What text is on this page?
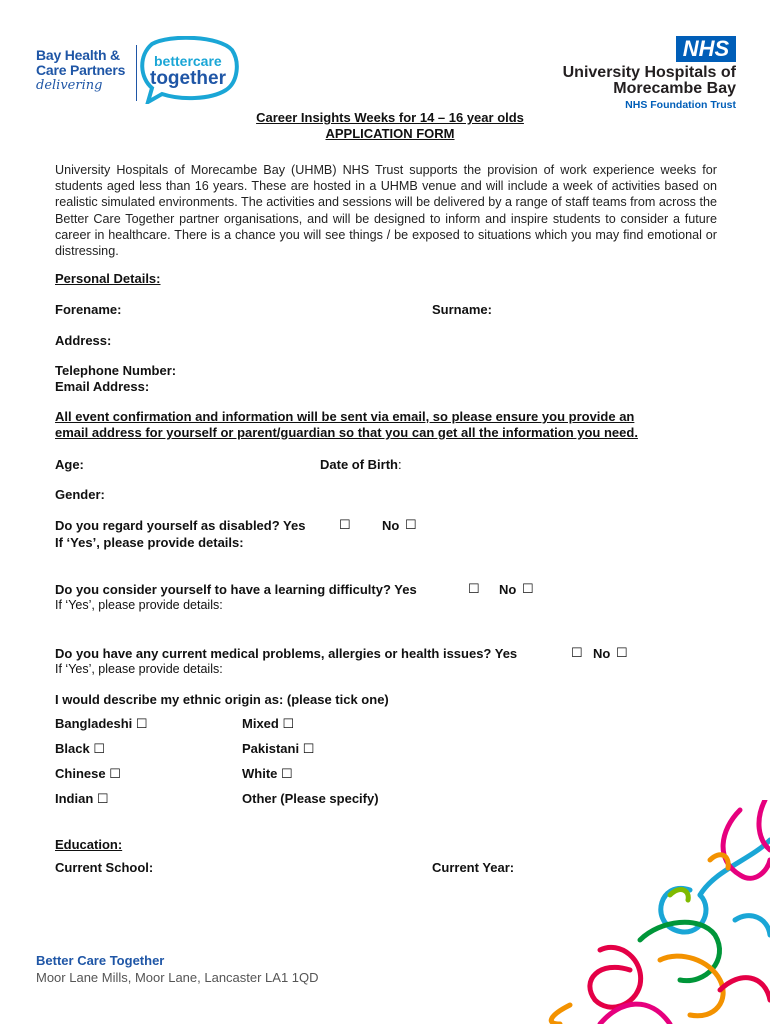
Bay Health &
Care Partners
delivering
bettercare
together
NHS
University Hospitals of
Morecambe Bay
NHS Foundation Trust
Career Insights Weeks for 14 – 16 year olds
APPLICATION FORM
University Hospitals of Morecambe Bay (UHMB) NHS Trust supports the provision of work experience weeks for students aged less than 16 years. These are hosted in a UHMB venue and will include a week of activities based on realistic simulated environments. The activities and sessions will be delivered by a range of staff teams from across the Better Care Together partner organisations, and will be designed to inform and inspire students to consider a future career in healthcare. There is a chance you will see things / be exposed to situations which you may find emotional or distressing.
Personal Details:
Forename:	Surname:
Address:
Telephone Number:
Email Address:
All event confirmation and information will be sent via email, so please ensure you provide an
email address for yourself or parent/guardian so that you can get all the information you need.
Age:	Date of Birth:
Gender:
Do you regard yourself as disabled? Yes	☐ No ☐
If ‘Yes’, please provide details:
Do you consider yourself to have a learning difficulty? Yes	☐ No ☐
If ‘Yes’, please provide details:
Do you have any current medical problems, allergies or health issues? Yes	☐ No ☐
If ‘Yes’, please provide details:
I would describe my ethnic origin as: (please tick one)
Bangladeshi ☐	Mixed ☐
Black ☐	Pakistani ☐
Chinese ☐	White ☐
Indian ☐	Other (Please specify)
Education:
Current School:	Current Year:
Better Care Together
Moor Lane Mills, Moor Lane, Lancaster LA1 1QD
